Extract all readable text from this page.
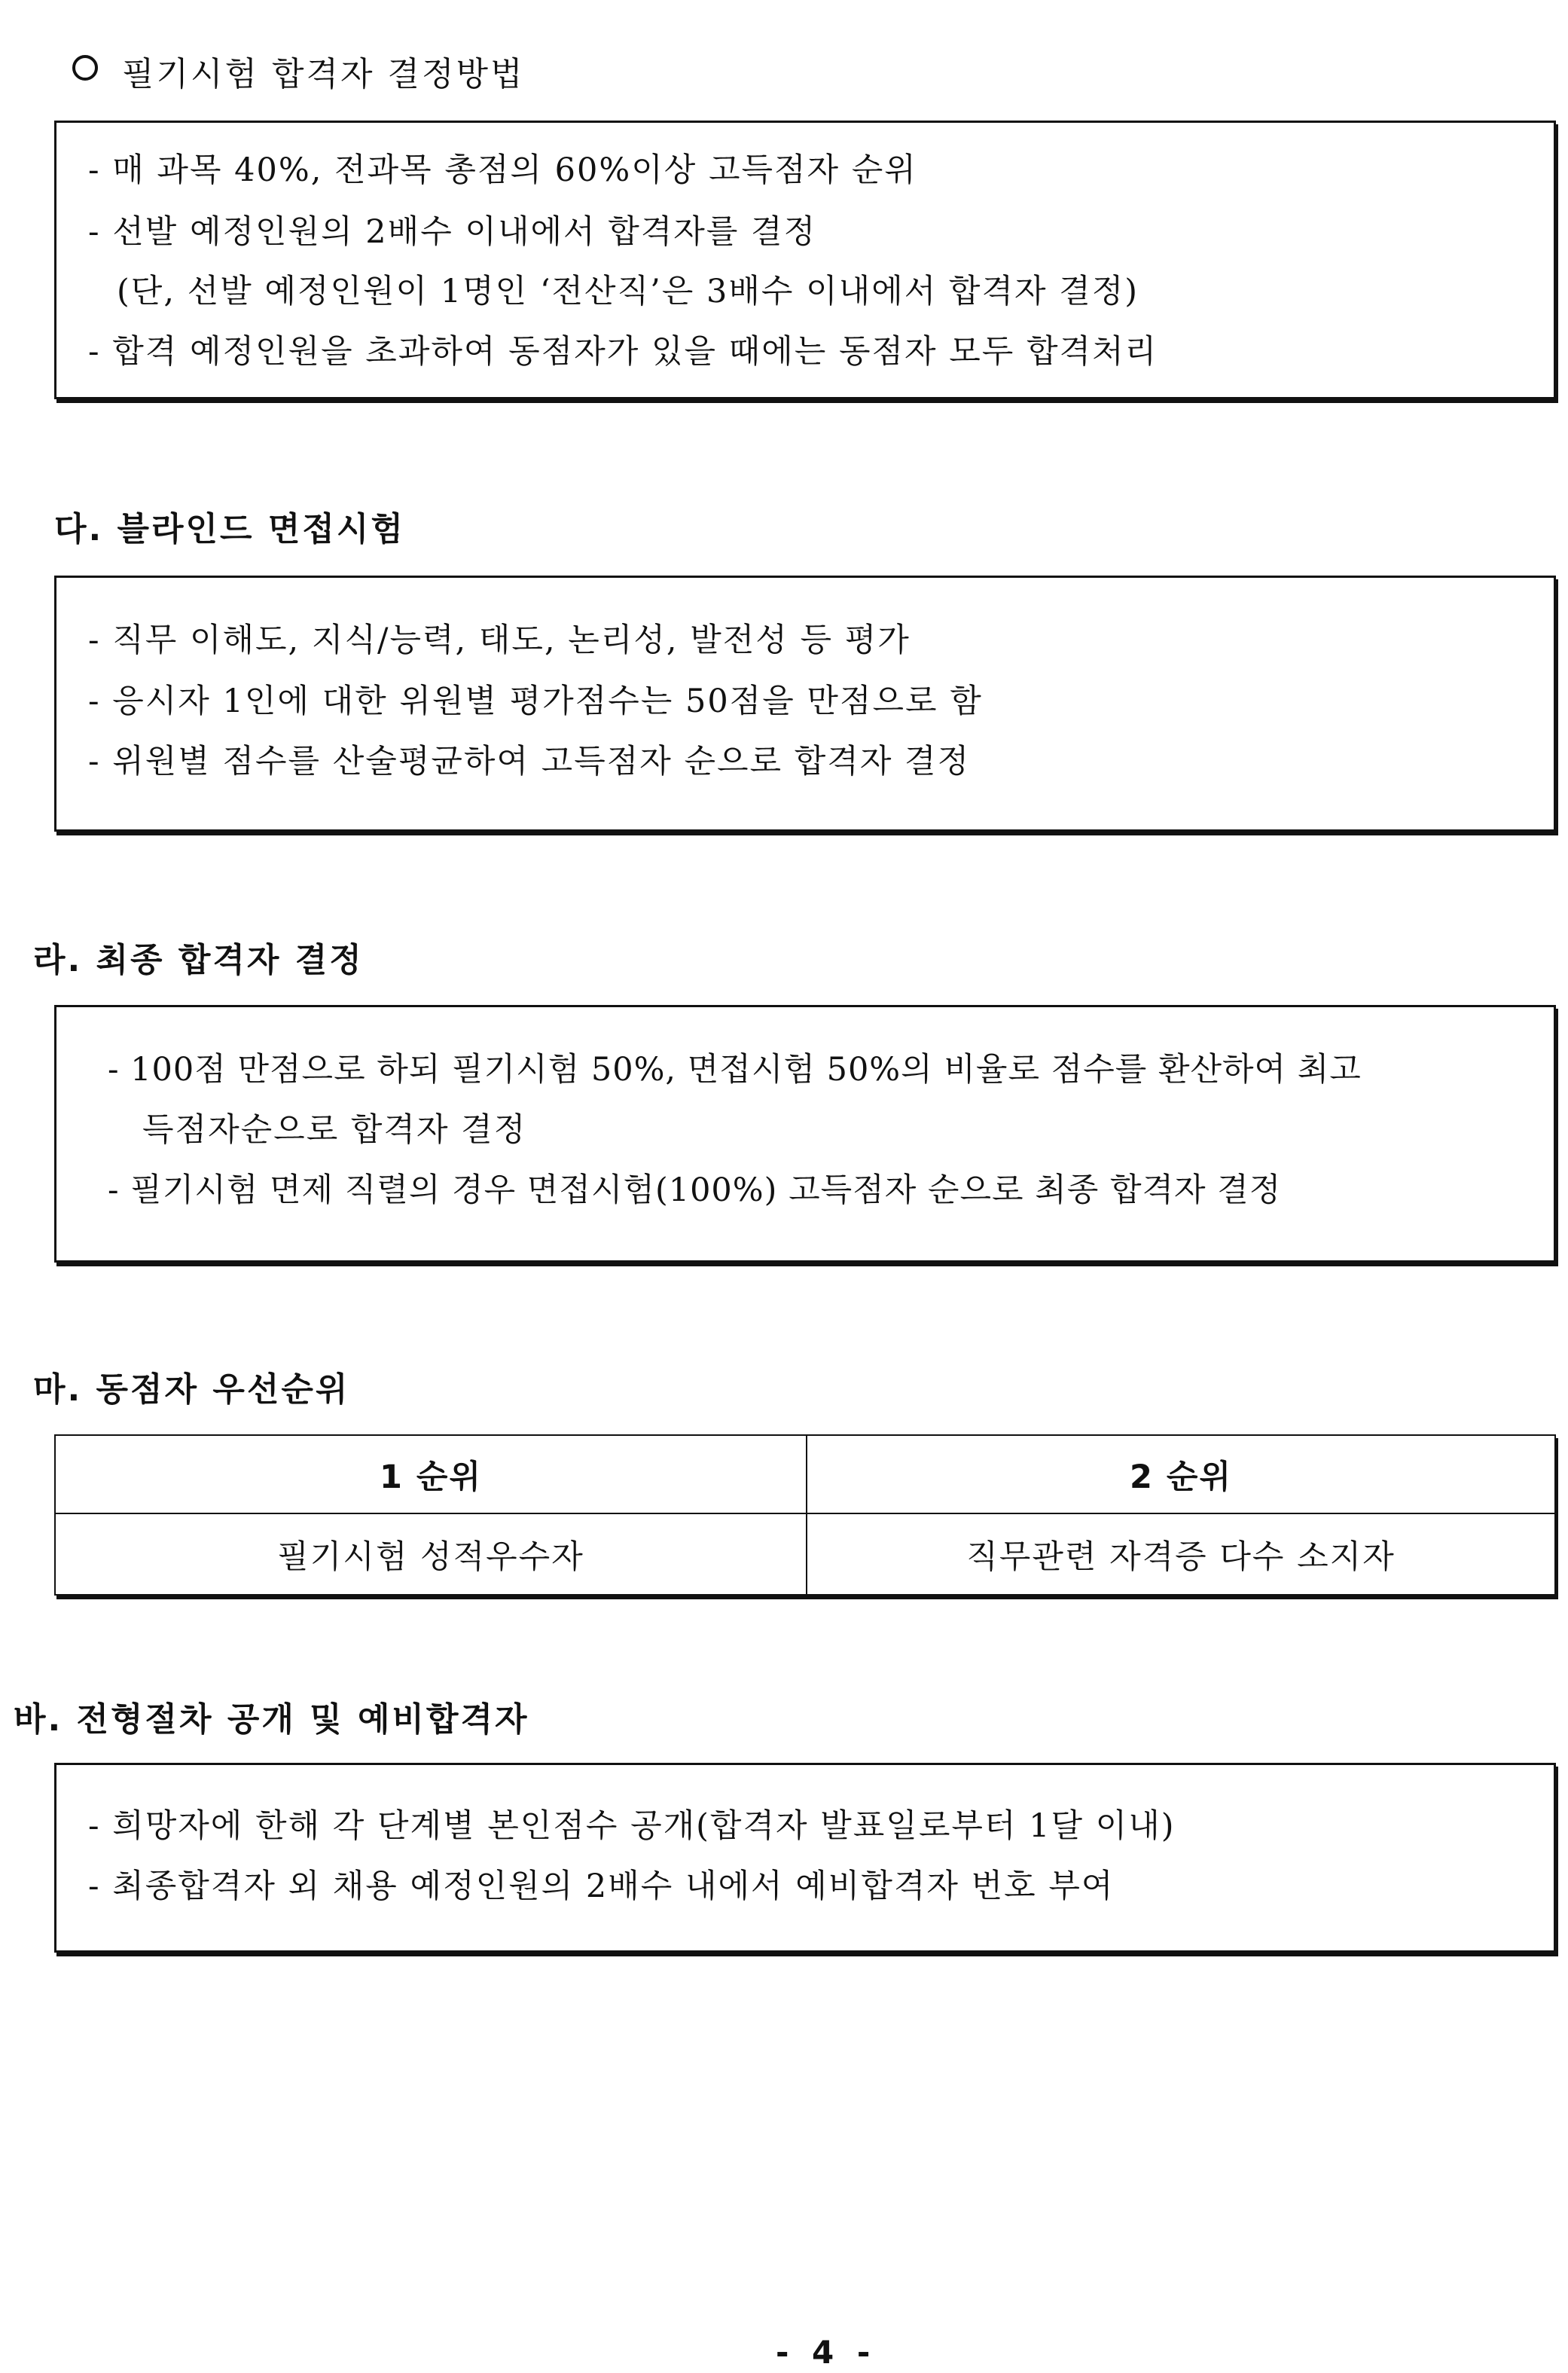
필기시험 합격자 결정방법
- 매 과목 40%, 전과목 총점의 60%이상 고득점자 순위
- 선발 예정인원의 2배수 이내에서 합격자를 결정
(단, 선발 예정인원이 1명인 ‘전산직’은 3배수 이내에서 합격자 결정)
- 합격 예정인원을 초과하여 동점자가 있을 때에는 동점자 모두 합격처리
다. 블라인드 면접시험
- 직무 이해도, 지식/능력, 태도, 논리성, 발전성 등 평가
- 응시자 1인에 대한 위원별 평가점수는 50점을 만점으로 함
- 위원별 점수를 산술평균하여 고득점자 순으로 합격자 결정
라. 최종 합격자 결정
- 100점 만점으로 하되 필기시험 50%, 면접시험 50%의 비율로 점수를 환산하여 최고
득점자순으로 합격자 결정
- 필기시험 면제 직렬의 경우 면접시험(100%) 고득점자 순으로 최종 합격자 결정
마. 동점자 우선순위
1 순위	2 순위
필기시험 성적우수자	직무관련 자격증 다수 소지자
바. 전형절차 공개 및 예비합격자
- 희망자에 한해 각 단계별 본인점수 공개(합격자 발표일로부터 1달 이내)
- 최종합격자 외 채용 예정인원의 2배수 내에서 예비합격자 번호 부여
- 4 -
